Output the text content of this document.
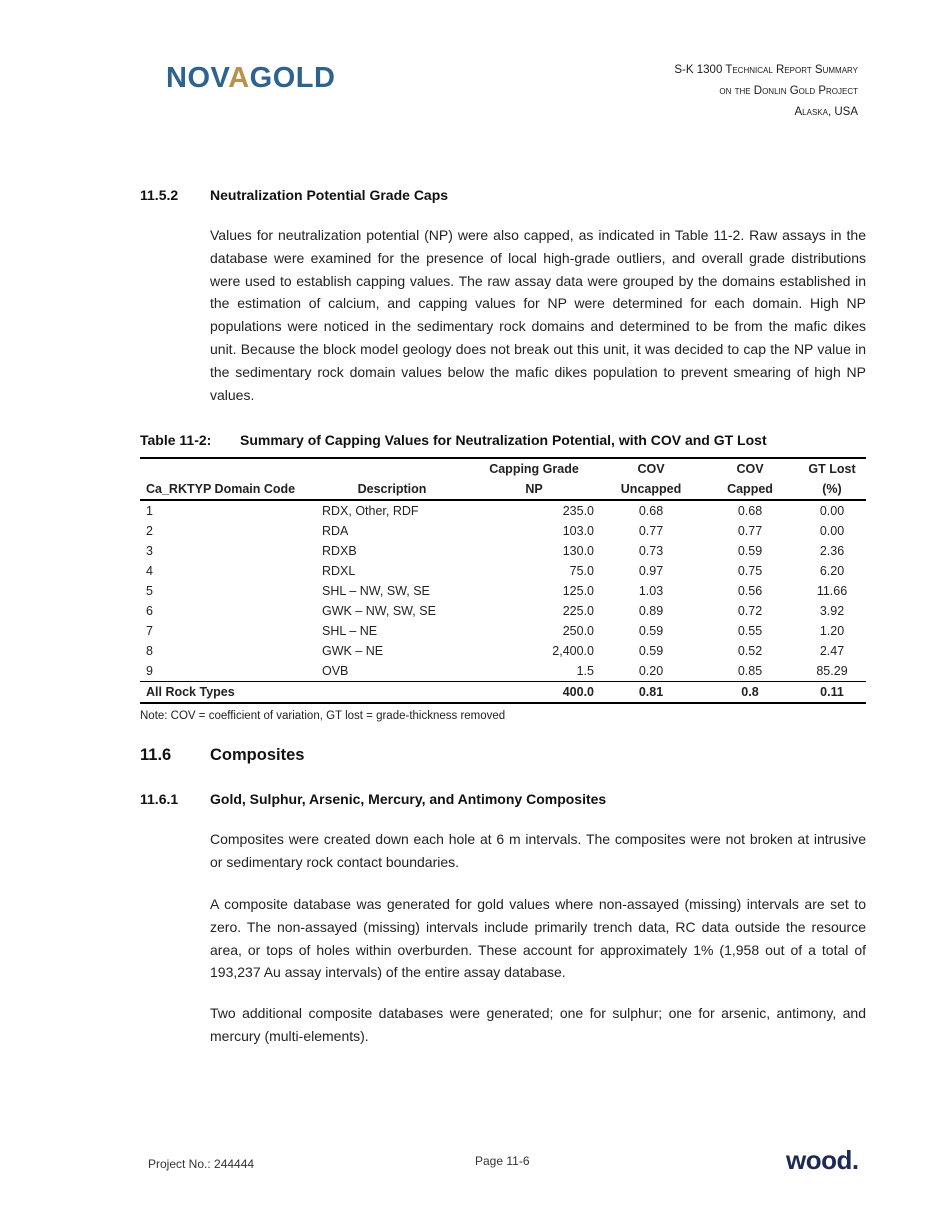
NOVAGOLD	S-K 1300 Technical Report Summary
on the Donlin Gold Project
Alaska, USA
11.5.2 Neutralization Potential Grade Caps

Values for neutralization potential (NP) were also capped, as indicated in Table 11-2. Raw assays in the database were examined for the presence of local high-grade outliers, and overall grade distributions were used to establish capping values. The raw assay data were grouped by the domains established in the estimation of calcium, and capping values for NP were determined for each domain. High NP populations were noticed in the sedimentary rock domains and determined to be from the mafic dikes unit. Because the block model geology does not break out this unit, it was decided to cap the NP value in the sedimentary rock domain values below the mafic dikes population to prevent smearing of high NP values.

Table 11-2: Summary of Capping Values for Neutralization Potential, with COV and GT Lost
		Capping Grade	COV	COV	GT Lost
Ca_RKTYP Domain Code	Description	NP	Uncapped	Capped	(%)
1	RDX, Other, RDF	235.0	0.68	0.68	0.00
2	RDA	103.0	0.77	0.77	0.00
3	RDXB	130.0	0.73	0.59	2.36
4	RDXL	75.0	0.97	0.75	6.20
5	SHL – NW, SW, SE	125.0	1.03	0.56	11.66
6	GWK – NW, SW, SE	225.0	0.89	0.72	3.92
7	SHL – NE	250.0	0.59	0.55	1.20
8	GWK – NE	2,400.0	0.59	0.52	2.47
9	OVB	1.5	0.20	0.85	85.29
All Rock Types		400.0	0.81	0.8	0.11
Note: COV = coefficient of variation, GT lost = grade-thickness removed
11.6 Composites
11.6.1 Gold, Sulphur, Arsenic, Mercury, and Antimony Composites

Composites were created down each hole at 6 m intervals. The composites were not broken at intrusive or sedimentary rock contact boundaries.

A composite database was generated for gold values where non-assayed (missing) intervals are set to zero. The non-assayed (missing) intervals include primarily trench data, RC data outside the resource area, or tops of holes within overburden. These account for approximately 1% (1,958 out of a total of 193,237 Au assay intervals) of the entire assay database.

Two additional composite databases were generated; one for sulphur; one for arsenic, antimony, and mercury (multi-elements).

Project No.: 244444	Page 11-6	wood.
